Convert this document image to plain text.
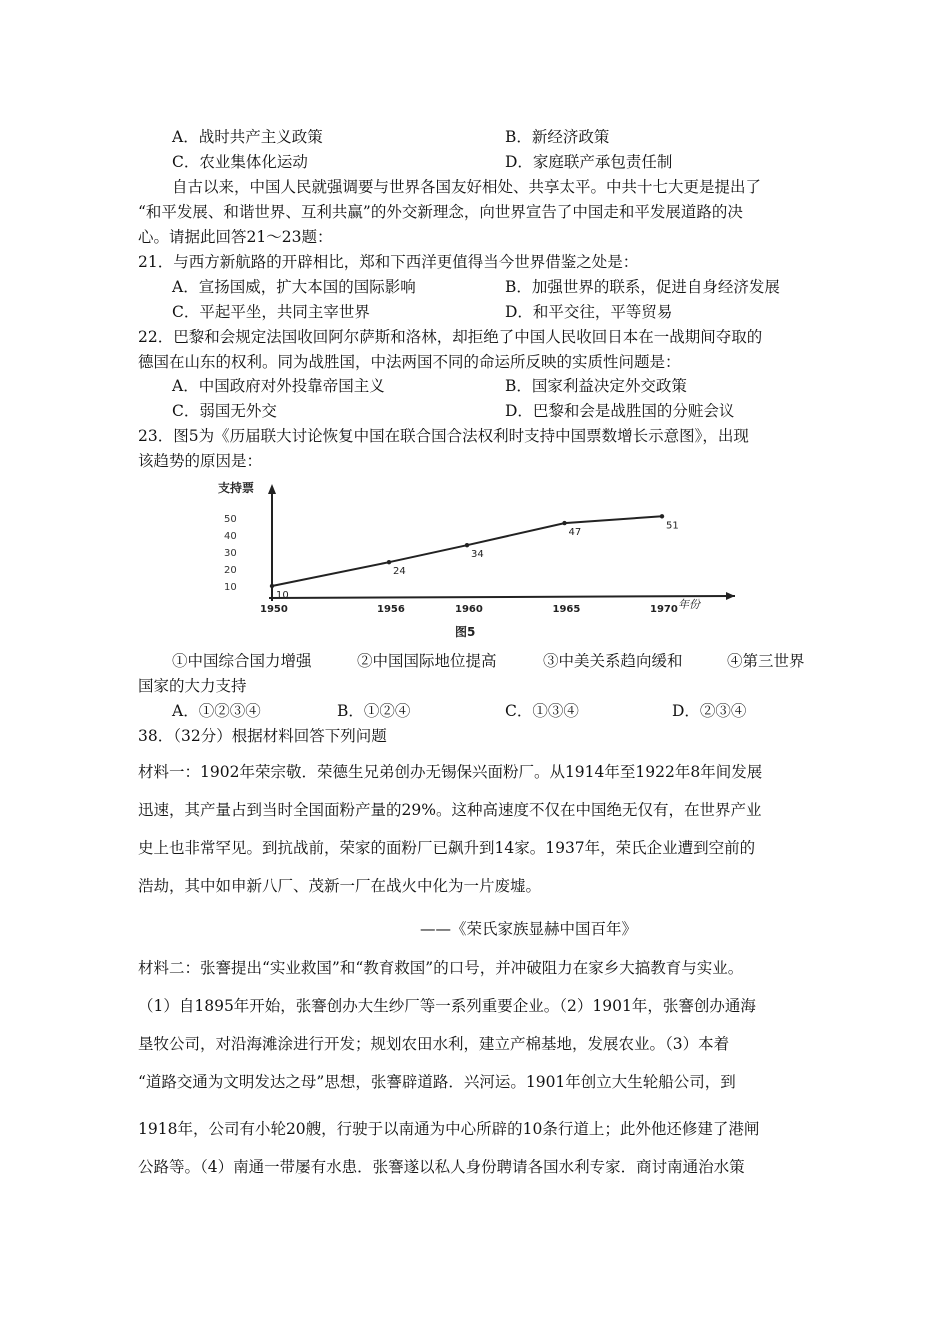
A．战时共产主义政策	B．新经济政策
C．农业集体化运动	D．家庭联产承包责任制
自古以来，中国人民就强调要与世界各国友好相处、共享太平。中共十七大更是提出了
“和平发展、和谐世界、互利共赢”的外交新理念，向世界宣告了中国走和平发展道路的决
心。请据此回答21～23题：
21．与西方新航路的开辟相比，郑和下西洋更值得当今世界借鉴之处是：
A．宣扬国威，扩大本国的国际影响	B．加强世界的联系，促进自身经济发展
C．平起平坐，共同主宰世界	D．和平交往，平等贸易
22．巴黎和会规定法国收回阿尔萨斯和洛林，却拒绝了中国人民收回日本在一战期间夺取的
德国在山东的权利。同为战胜国，中法两国不同的命运所反映的实质性问题是：
A．中国政府对外投靠帝国主义	B．国家利益决定外交政策
C．弱国无外交	D．巴黎和会是战胜国的分赃会议
23．图5为《历届联大讨论恢复中国在联合国合法权利时支持中国票数增长示意图》，出现
该趋势的原因是：
支持票
年份
10
20
30
40
50
1950	1956	1960	1965	1970
10
24
34
47
51
图5
①中国综合国力增强	②中国国际地位提高	③中美关系趋向缓和	④第三世界
国家的大力支持
A．①②③④	B．①②④	C．①③④	D．②③④
38．（32分）根据材料回答下列问题
材料一：1902年荣宗敬．荣德生兄弟创办无锡保兴面粉厂。从1914年至1922年8年间发展
迅速，其产量占到当时全国面粉产量的29%。这种高速度不仅在中国绝无仅有，在世界产业
史上也非常罕见。到抗战前，荣家的面粉厂已飙升到14家。1937年，荣氏企业遭到空前的
浩劫，其中如申新八厂、茂新一厂在战火中化为一片废墟。
——《荣氏家族显赫中国百年》
材料二：张謇提出“实业救国”和“教育救国”的口号，并冲破阻力在家乡大搞教育与实业。
（1）自1895年开始，张謇创办大生纱厂等一系列重要企业。（2）1901年，张謇创办通海
垦牧公司，对沿海滩涂进行开发；规划农田水利，建立产棉基地，发展农业。（3）本着
“道路交通为文明发达之母”思想，张謇辟道路．兴河运。1901年创立大生轮船公司，到
1918年，公司有小轮20艘，行驶于以南通为中心所辟的10条行道上；此外他还修建了港闸
公路等。（4）南通一带屡有水患．张謇遂以私人身份聘请各国水利专家．商讨南通治水策
